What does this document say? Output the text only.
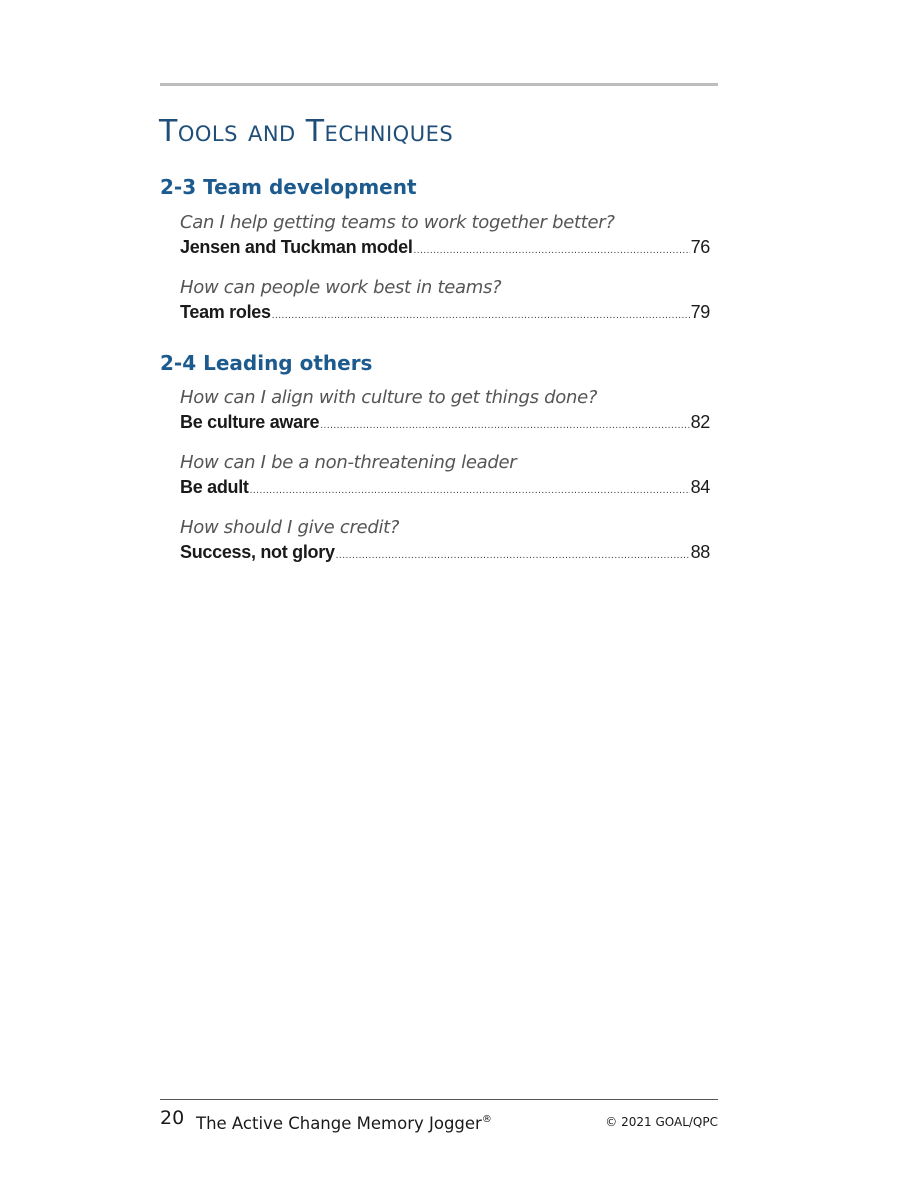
Tools and Techniques
2-3 Team development
Can I help getting teams to work together better?
Jensen and Tuckman model .....	76
How can people work best in teams?
Team roles .....	79
2-4 Leading others
How can I align with culture to get things done?
Be culture aware .....	82
How can I be a non-threatening leader
Be adult .....	84
How should I give credit?
Success, not glory .....	88
20 The Active Change Memory Jogger®	© 2021 GOAL/QPC
